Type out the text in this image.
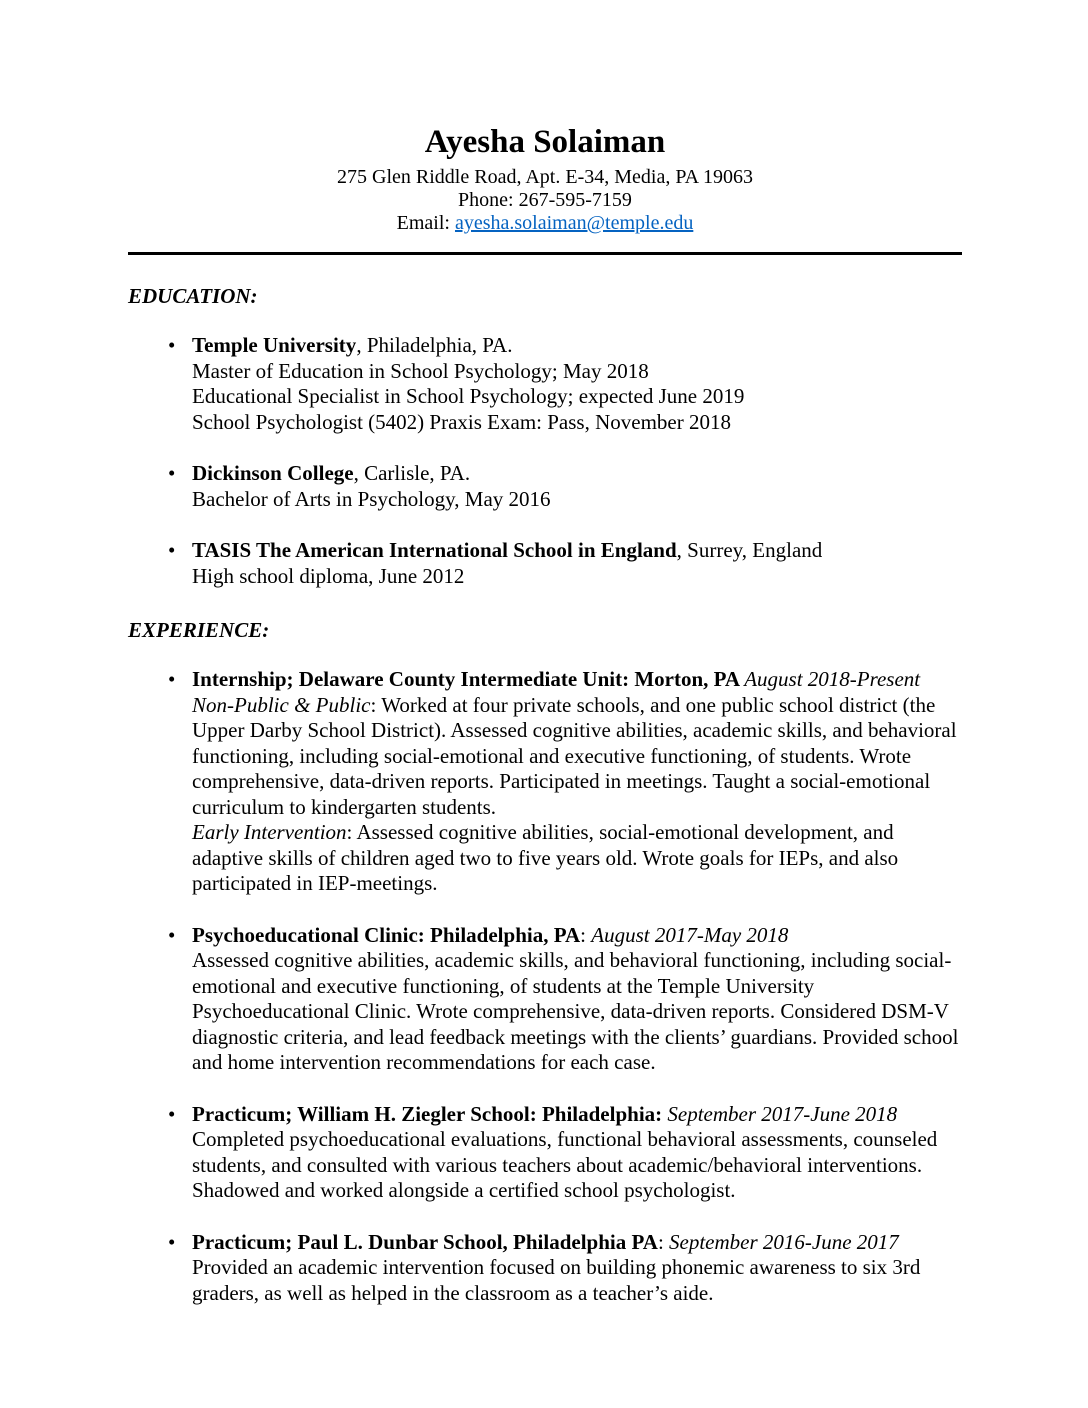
Ayesha Solaiman
275 Glen Riddle Road, Apt. E-34, Media, PA 19063
Phone: 267-595-7159
Email: ayesha.solaiman@temple.edu
EDUCATION:
• Temple University, Philadelphia, PA.
Master of Education in School Psychology; May 2018
Educational Specialist in School Psychology; expected June 2019
School Psychologist (5402) Praxis Exam: Pass, November 2018
• Dickinson College, Carlisle, PA.
Bachelor of Arts in Psychology, May 2016
• TASIS The American International School in England, Surrey, England
High school diploma, June 2012
EXPERIENCE:
• Internship; Delaware County Intermediate Unit: Morton, PA August 2018-Present
Non-Public & Public: Worked at four private schools, and one public school district (the Upper Darby School District). Assessed cognitive abilities, academic skills, and behavioral functioning, including social-emotional and executive functioning, of students. Wrote comprehensive, data-driven reports. Participated in meetings. Taught a social-emotional curriculum to kindergarten students.
Early Intervention: Assessed cognitive abilities, social-emotional development, and adaptive skills of children aged two to five years old. Wrote goals for IEPs, and also participated in IEP-meetings.
• Psychoeducational Clinic: Philadelphia, PA: August 2017-May 2018
Assessed cognitive abilities, academic skills, and behavioral functioning, including social-emotional and executive functioning, of students at the Temple University Psychoeducational Clinic. Wrote comprehensive, data-driven reports. Considered DSM-V diagnostic criteria, and lead feedback meetings with the clients’ guardians. Provided school and home intervention recommendations for each case.
• Practicum; William H. Ziegler School: Philadelphia: September 2017-June 2018
Completed psychoeducational evaluations, functional behavioral assessments, counseled students, and consulted with various teachers about academic/behavioral interventions. Shadowed and worked alongside a certified school psychologist.
• Practicum; Paul L. Dunbar School, Philadelphia PA: September 2016-June 2017
Provided an academic intervention focused on building phonemic awareness to six 3rd graders, as well as helped in the classroom as a teacher’s aide.
